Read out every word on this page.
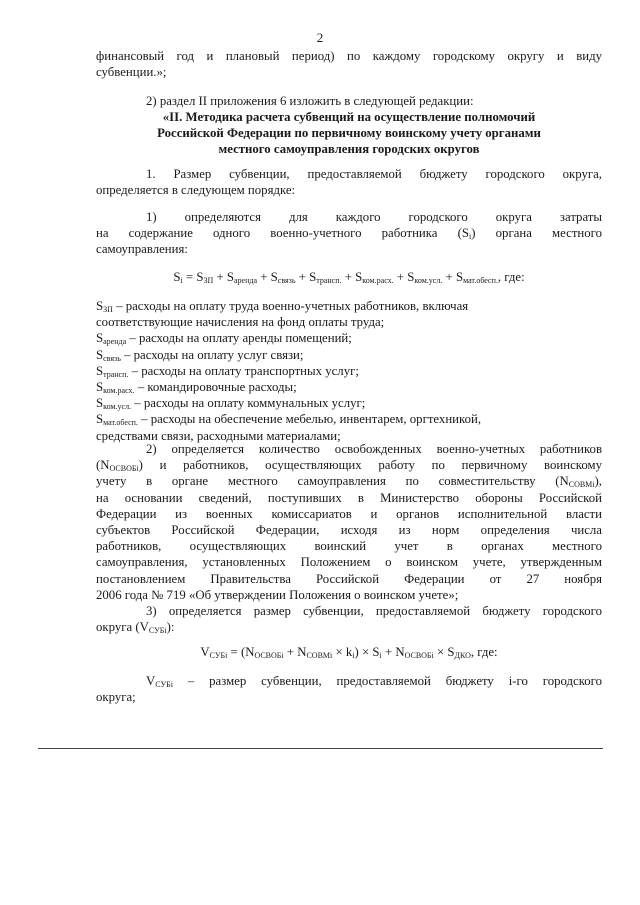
2
финансовый год и плановый период) по каждому городскому округу и виду
субвенции.»;
2) раздел II приложения 6 изложить в следующей редакции:
«II. Методика расчета субвенций на осуществление полномочий
Российской Федерации по первичному воинскому учету органами
местного самоуправления городских округов
1. Размер субвенции, предоставляемой бюджету городского округа,
определяется в следующем порядке:
1) определяются для каждого городского округа затраты
на содержание одного военно-учетного работника $(S_i)$ органа местного
самоуправления:
$S_i = S_{ЗП} + S_{аренда} + S_{связь} + S_{трансп.} + S_{ком.расх.} + S_{ком.усл.} + S_{мат.обесп.}$, где:
$S_{ЗП}$ – расходы на оплату труда военно-учетных работников, включая
соответствующие начисления на фонд оплаты труда;
$S_{аренда}$ – расходы на оплату аренды помещений;
$S_{связь}$ – расходы на оплату услуг связи;
$S_{трансп.}$ – расходы на оплату транспортных услуг;
$S_{ком.расх.}$ – командировочные расходы;
$S_{ком.усл.}$ – расходы на оплату коммунальных услуг;
$S_{мат.обесп.}$ – расходы на обеспечение мебелью, инвентарем, оргтехникой,
средствами связи, расходными материалами;
2) определяется количество освобожденных военно-учетных работников
$(N_{ОСВОБi})$ и работников, осуществляющих работу по первичному воинскому
учету в органе местного самоуправления по совместительству $(N_{СОВМi})$,
на основании сведений, поступивших в Министерство обороны Российской
Федерации из военных комиссариатов и органов исполнительной власти
субъектов Российской Федерации, исходя из норм определения числа
работников, осуществляющих воинский учет в органах местного
самоуправления, установленных Положением о воинском учете, утвержденным
постановлением Правительства Российской Федерации от 27 ноября
2006 года № 719 «Об утверждении Положения о воинском учете»;
3) определяется размер субвенции, предоставляемой бюджету городского
округа $(V_{СУБi})$:
$V_{СУБi} = (N_{ОСВОБi} + N_{СОВМi} \times k_i) \times S_i + N_{ОСВОБi} \times S_{ДКО}$, где:
$V_{СУБi}$ – размер субвенции, предоставляемой бюджету i-го городского
округа;
